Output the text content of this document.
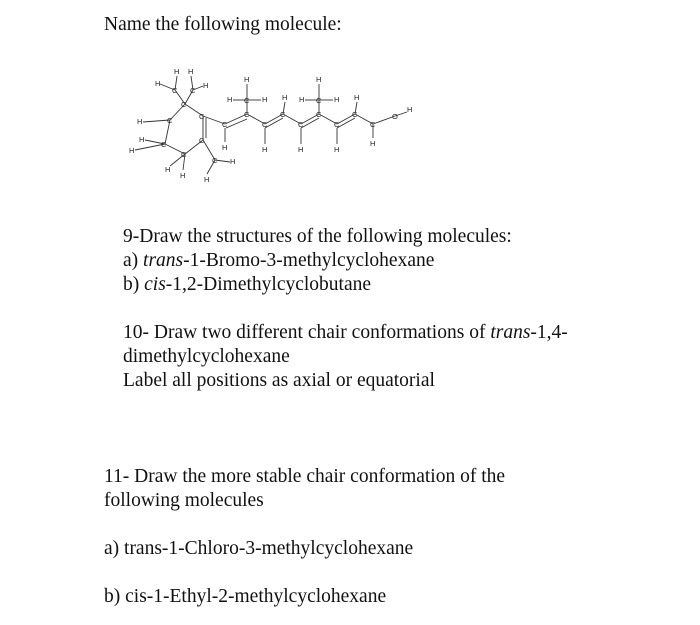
Name the following molecule:
C
C
C
C
C
C
C C
C
C
C
C
C
C
C
C
C
C
C
C
O
H
H H
H
H
H
H
H
H
H
H
H
H	H
H
H	H
H	H	H
H	H
H	H
H
9-Draw the structures of the following molecules:
a) trans-1-Bromo-3-methylcyclohexane
b) cis-1,2-Dimethylcyclobutane
10- Draw two different chair conformations of trans-1,4-
dimethylcyclohexane
Label all positions as axial or equatorial
11- Draw the more stable chair conformation of the
following molecules
a) trans-1-Chloro-3-methylcyclohexane
b) cis-1-Ethyl-2-methylcyclohexane
